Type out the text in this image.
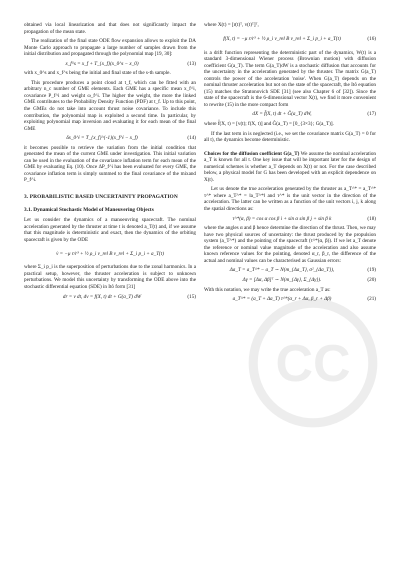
obtained via local linearization and that does not significantly impact the propagation of the mean state.

The realization of the final state ODE flow expansion allows to exploit the DA Monte Carlo approach to propagate a large number of samples drawn from the initial distribution and propagated through the polynomial map [19, 30]:

x_f^s = x_f + T_{x_f}(x_0^s − x_0)	(13)

with x_0^s and x_f^s being the initial and final state of the s-th sample.

This procedure produces a point cloud at t_f, which can be fitted with an arbitrary n_c number of GME elements. Each GME has a specific mean x_f^i, covariance P_f^i and weight ω_f^i. The higher the weight, the more the linked GME contributes to the Probability Density Function (PDF) at t_f. Up to this point, the GMEs do not take into account thrust noise covariance. To include this contribution, the polynomial map is exploited a second time. In particular, by exploiting polynomial map inversion and evaluating it for each mean of the final GME

δx_0^i = T_{x_f}^{-1}(x_f^i − x_f)	(14)

it becomes possible to retrieve the variation from the initial condition that generated the mean of the current GME under investigation. This initial variation can be used in the evaluation of the covariance inflation term for each mean of the GME by evaluating Eq. (10). Once ΔP_f^i has been evaluated for every GME, the covariance inflation term is simply summed to the final covariance of the mixand P_f^i.

3. PROBABILISTIC BASED UNCERTAINTY PROPAGATION
3.1. Dynamical Stochastic Model of Maneuvering Objects

Let us consider the dynamics of a manoeuvring spacecraft. The nominal acceleration generated by the thruster at time t is denoted a_T(t) and, if we assume that this magnitude is deterministic and exact, then the dynamics of the orbiting spacecraft is given by the ODE

v̇ = −μ r/r³ + ½ ρ_i v_rel B v_rel + Σ_i p_i + a_T(t)

where Σ_i p_i is the superposition of perturbations due to the zonal harmonics. In a practical setup, however, the thruster acceleration is subject to unknown perturbations. We model this uncertainty by transforming the ODE above into the stochastic differential equation (SDE) in Itô form [31]

dr = v dt, dv = f(X, t) dt + G(a_T) dW	(15)

where X(t) = [r(t)ᵀ, v(t)ᵀ]ᵀ,

f(X, t) = −μ r/r³ + ½ ρ_i v_rel B v_rel + Σ_i p_i + a_T(t)	(16)

is a drift function representing the deterministic part of the dynamics, W(t) is a standard 3-dimensional Wiener process (Brownian motion) with diffusion coefficient G(a_T). The term G(a_T)dW is a stochastic diffusion that accounts for the uncertainty in the acceleration generated by the thruster. The matrix G(a_T) controls the power of the acceleration 'noise'. When G(a_T) depends on the nominal thruster acceleration but not on the state of the spacecraft, the Itô equation (15) matches the Stratonovich SDE [31] (see also Chapter 6 of [32]). Since the state of the spacecraft is the 6-dimensional vector X(t), we find it more convenient to rewrite (15) in the more compact form

dX = f̂(X, t) dt + Ĝ(a_T) dW,	(17)

where f̂(X, t) = [v(t); f(X, t)] and Ĝ(a_T) = [0_{3×3}; G(a_T)].

If the last term in is neglected (i.e., we set the covariance matrix G(a_T) = 0 for all t), the dynamics become deterministic.

Choices for the diffusion coefficient G(a_T) We assume the nominal acceleration a_T is known for all t. One key issue that will be important later for the design of numerical schemes is whether a_T depends on X(t) or not. For the case described below, a physical model for G has been developed with an explicit dependence on X(t).

Let us denote the true acceleration generated by the thruster as a_T^* = a_T^* τ^* where a_T^* = ‖a_T^*‖ and τ^* is the unit vector in the direction of the acceleration. The latter can be written as a function of the unit vectors i, j, k along the spatial directions as:

τ^*(α, β) = cos α cos β i + sin α sin β j + sin β k	(18)

where the angles α and β hence determine the direction of the thrust. Then, we may have two physical sources of uncertainty: the thrust produced by the propulsion system (a_T^*) and the pointing of the spacecraft (τ^*(α, β)). If we let a_T denote the reference or nominal value magnitude of the acceleration and also assume known reference values for the pointing, denoted α_r, β_r, the difference of the actual and nominal values can be characterised as Gaussian errors:

Δa_T = a_T^* − a_T ∼ N(m_{Δa_T}, σ²_{Δa_T}),	(19)
Δγ = [Δα, Δβ]ᵀ ∼ N(m_{Δγ}, Σ_{Δγ}).	(20)

With this notation, we may write the true acceleration a_T as:

a_T^* = (a_T + Δa_T) τ^*(α_r + Δα, β_r + Δβ)	(21)
CC
